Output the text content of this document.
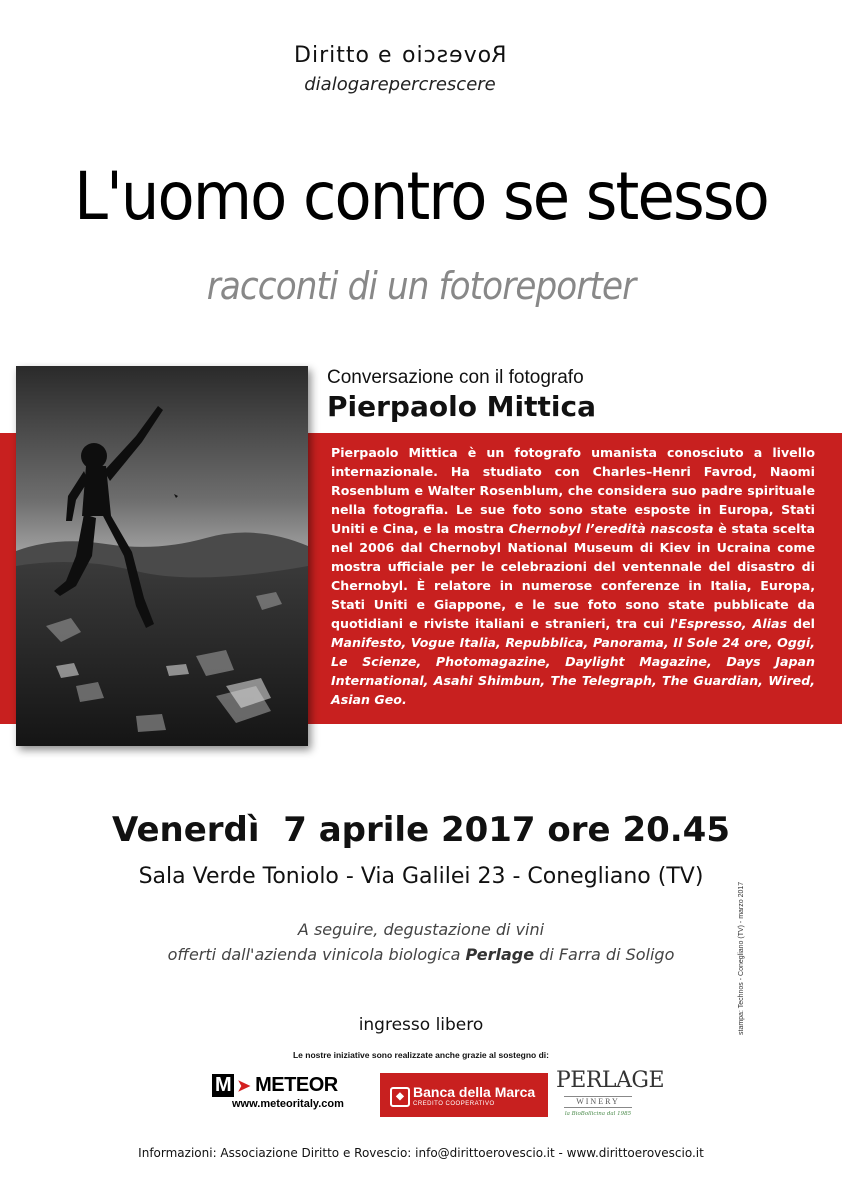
Diritto e Rovescio
dialogarepercrescere
L'uomo contro se stesso
racconti di un fotoreporter
Conversazione con il fotografo
Pierpaolo Mittica
Pierpaolo Mittica è un fotografo umanista conosciuto a livello internazionale. Ha studiato con Charles–Henri Favrod, Naomi Rosenblum e Walter Rosenblum, che considera suo padre spirituale nella fotografia. Le sue foto sono state esposte in Europa, Stati Uniti e Cina, e la mostra Chernobyl l’eredità nascosta è stata scelta nel 2006 dal Chernobyl National Museum di Kiev in Ucraina come mostra ufficiale per le celebrazioni del ventennale del disastro di Chernobyl. È relatore in numerose conferenze in Italia, Europa, Stati Uniti e Giappone, e le sue foto sono state pubblicate da quotidiani e riviste italiani e stranieri, tra cui l'Espresso, Alias del Manifesto, Vogue Italia, Repubblica, Panorama, Il Sole 24 ore, Oggi, Le Scienze, Photomagazine, Daylight Magazine, Days Japan International, Asahi Shimbun, The Telegraph, The Guardian, Wired, Asian Geo.
Venerdì  7 aprile 2017 ore 20.45
Sala Verde Toniolo - Via Galilei 23 - Conegliano (TV)
A seguire, degustazione di vini
offerti dall'azienda vinicola biologica Perlage di Farra di Soligo
ingresso libero
Le nostre iniziative sono realizzate anche grazie al sostegno di:
M ➤ METEOR
www.meteoritaly.com
◆ Banca della Marca
CREDITO COOPERATIVO
PERLAGE
WINERY
la BioBollicina dal 1985
stampa: Technos - Conegliano (TV) - marzo 2017
Informazioni: Associazione Diritto e Rovescio: info@dirittoerovescio.it - www.dirittoerovescio.it
